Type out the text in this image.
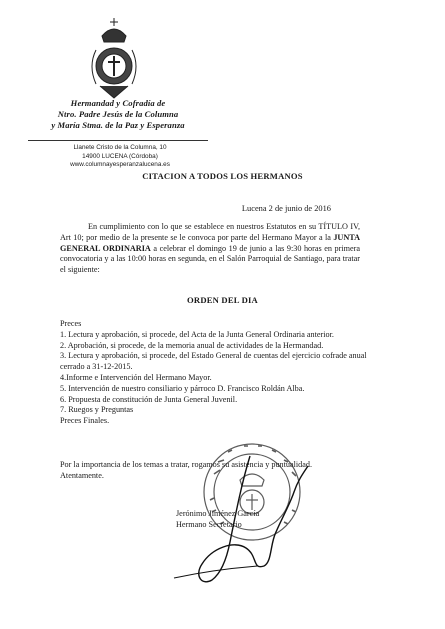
Hermandad y Cofradía de
Ntro. Padre Jesús de la Columna
y María Stma. de la Paz y Esperanza
Llanete Cristo de la Columna, 10
14900 LUCENA (Córdoba)
www.columnayesperanzalucena.es
CITACION A TODOS LOS HERMANOS
Lucena 2 de junio de 2016
En cumplimiento con lo que se establece en nuestros Estatutos en su TÍTULO IV, Art 10; por medio de la presente se le convoca por parte del Hermano Mayor a la JUNTA GENERAL ORDINARIA a celebrar el domingo 19 de junio a las 9:30 horas en primera convocatoria y a las 10:00 horas en segunda, en el Salón Parroquial de Santiago, para tratar el siguiente:
ORDEN DEL DIA
Preces
1. Lectura y aprobación, si procede, del Acta de la Junta General Ordinaria anterior.
2. Aprobación, si procede, de la memoria anual de actividades de la Hermandad.
3. Lectura y aprobación, si procede, del Estado General de cuentas del ejercicio cofrade anual cerrado a 31-12-2015.
4.Informe e Intervención del Hermano Mayor.
5. Intervención de nuestro consiliario y párroco D. Francisco Roldán Alba.
6. Propuesta de constitución de Junta General Juvenil.
7. Ruegos y Preguntas
Preces Finales.
Por la importancia de los temas a tratar, rogamos su asistencia y puntualidad.
Atentamente.
Jerónimo Jiménez García
Hermano Secretario
